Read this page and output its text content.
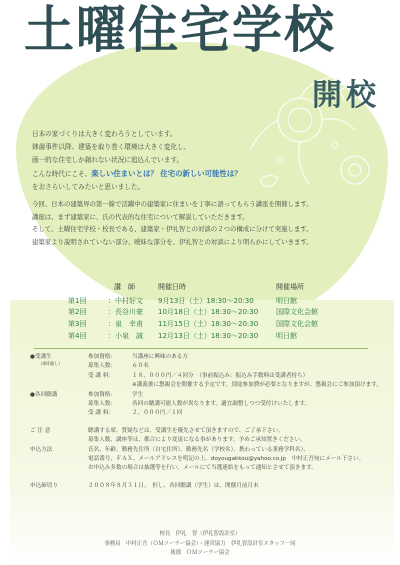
土曜住宅学校
開校

日本の家づくりは大きく変わろうとしています。

姉歯事件以降、建築を取り巻く環境は大きく変化し、

画一的な住宅しか創れない状況に追込んでいます。

こんな時代にこそ、楽しい住まいとは？ 住宅の新しい可能性は？

をおさらいしてみたいと思いました。

今回、日本の建築界の第一線で活躍中の建築家に住まいを丁寧に語ってもらう講座を開催します。

講座は、まず建築家に、氏の代表的な住宅について解説していただきます。

そして、土曜住宅学校・校長である、建築家・伊礼智との対談の２つの構成に分けて実施します。

建築家より説明されていない部分、曖昧な部分を、伊礼智との対談により明らかにしていきます。

講　師	開催日時	開催場所
第1回	：中村好文	9月13日（土）18:30〜20:30	明日館
第2回	：長谷川豪	10月18日（土）18:30〜20:30	国際文化会館
第3回	：泉　幸甫	11月15日（土）18:30〜20:30	国際文化会館
第4回	：小泉　誠	12月13日（土）18:30〜20:30	明日館
●受講生
（4回通し）
参加資格：	当講座に興味のある方
募集人数：	６０名
受 講 料：	１８、０００円／４回分　（事前振込み：振込み手数料は受講者持ち）
※講義後に懇親会を開催する予定です。別途参加費が必要となりますが、懇親会にご参加頂けます。
●各回聴講	参加資格：	学生
募集人数：	各回の聴講可能人数が異なります。適宜調整しつつ受付けいたします。
受 講 料：	２、０００円／１回
ご 注 意	聴講する席、質疑などは、受講生を優先させて頂きますので、ご了承下さい。
募集人数、講座等は、都合により変更になる事があります。予めご承知置きください。
申込方法	氏名、年齢、勤務先住所（自宅住所）、勤務先名（学校名）、携わっている業務学科名）、
電話番号、ＦＡＸ、メールアドレスを明記の上、doyougakkou@yahoo.co.jp　中村正吾宛にメール下さい。
お申込み多数の場合は抽選等を行い、メールにて当選連絡をもって通知とさせて頂きます。
申込締切り	２００８年８月３１日。　但し、各回聴講（学生）は、開催月前月末

校長　伊礼　智（伊礼智設計室）

事務局　中村正吾（ＯＭソーラー協会）・運営協力　伊礼智設計室スタッフ一同

後援　ＯＭソーラー協会
